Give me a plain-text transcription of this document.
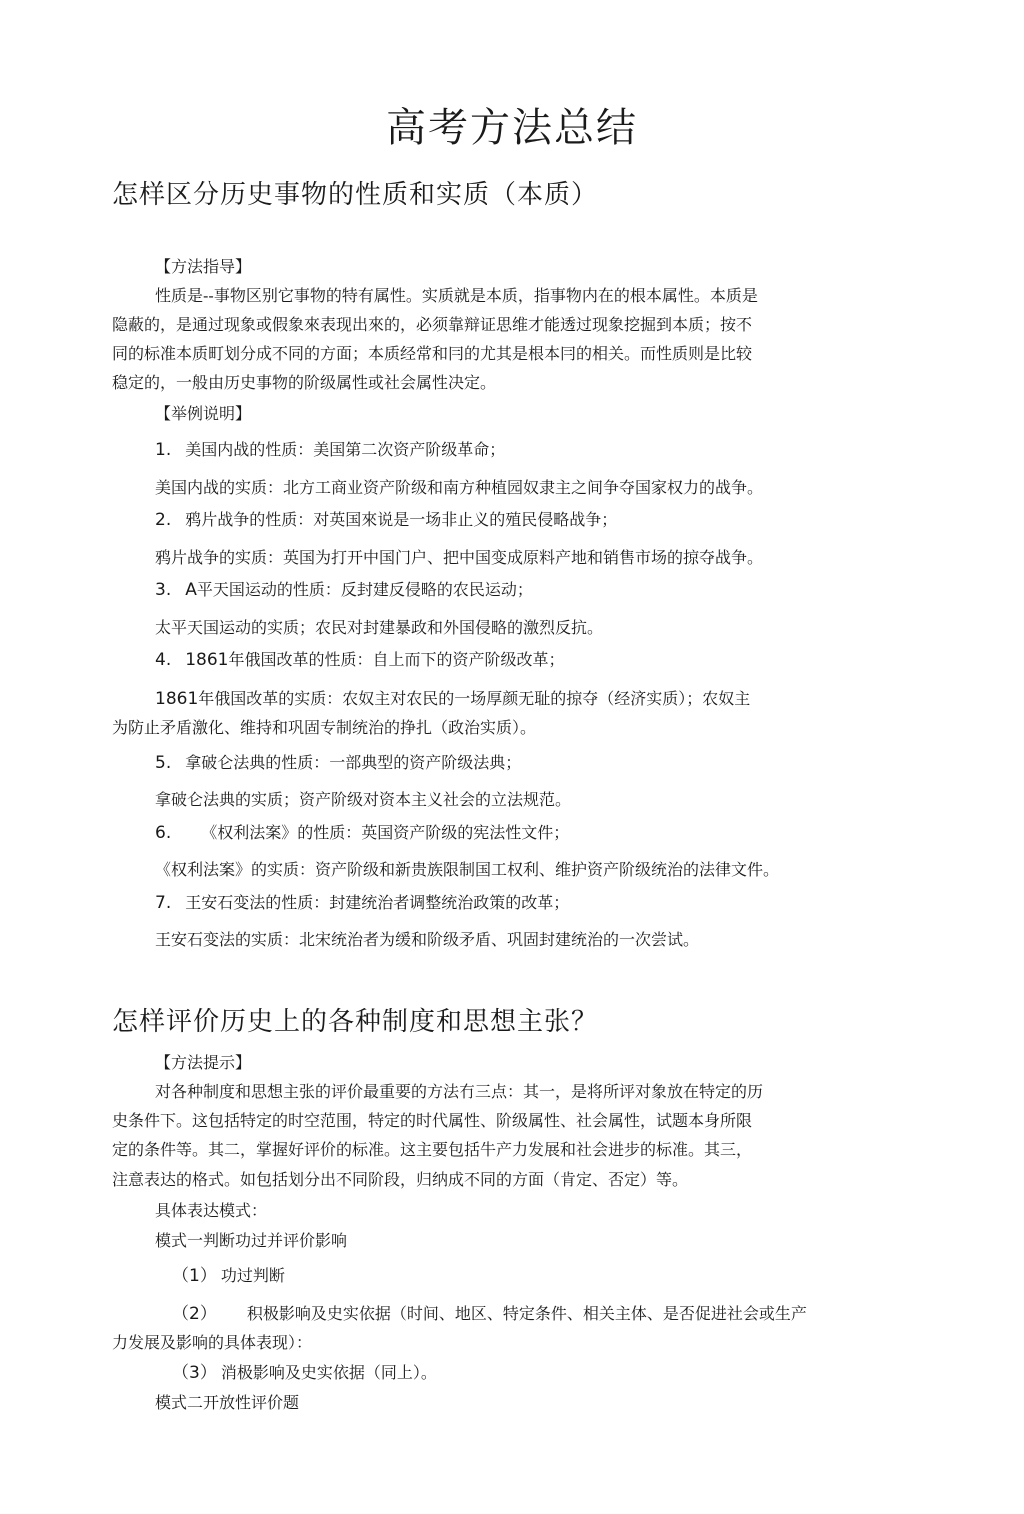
高考方法总结
怎样区分历史事物的性质和实质（本质）
【方法指导】
性质是--事物区别它事物的特有属性。实质就是本质，指事物内在的根本属性。本质是
隐蔽的，是通过现象或假象來表现出來的，必须靠辩证思维才能透过现象挖掘到本质；按不
同的标准本质町划分成不同的方面；本质经常和冃的尤其是根本冃的相关。而性质则是比较
稳定的，一般由历史事物的阶级属性或社会属性决定。
【举例说明】
1. 美国内战的性质：美国第二次资产阶级革命；
美国内战的实质：北方工商业资产阶级和南方种植园奴隶主之间争夺国家权力的战争。
2. 鸦片战争的性质：对英国來说是一场非止义的殖民侵略战争；
鸦片战争的实质：英国为打开中国门户、把中国变成原料产地和销售市场的掠夺战争。
3. A平天国运动的性质：反封建反侵略的农民运动；
太平天国运动的实质；农民对封建暴政和外国侵略的激烈反抗。
4. 1861年俄国改革的性质：自上而下的资产阶级改革；
1861年俄国改革的实质：农奴主对农民的一场厚颜无耻的掠夺（经济实质）；农奴主
为防止矛盾激化、维持和巩固专制统治的挣扎（政治实质）。
5. 拿破仑法典的性质：一部典型的资产阶级法典；
拿破仑法典的实质；资产阶级对资本主义社会的立法规范。
6. 《权利法案》的性质：英国资产阶级的宪法性文件；
《权利法案》的实质：资产阶级和新贵族限制国工权利、维护资产阶级统治的法律文件。
7. 王安石变法的性质：封建统治者调整统治政策的改革；
王安石变法的实质：北宋统治者为缓和阶级矛盾、巩固封建统治的一次尝试。
怎样评价历史上的各种制度和思想主张？
【方法提示】
对各种制度和思想主张的评价最重要的方法冇三点：其一，是将所评对象放在特定的历
史条件下。这包括特定的时空范围，特定的时代属性、阶级属性、社会属性，试题本身所限
定的条件等。其二，掌握好评价的标准。这主要包括牛产力发展和社会进步的标准。其三，
注意表达的格式。如包括划分出不同阶段，归纳成不同的方面（肯定、否定）等。
具体表达模式：
模式一判断功过并评价影响
（1） 功过判断
（2） 积极影响及史实依据（时间、地区、特定条件、相关主体、是否促进社会或生产
力发展及影响的具体表现）：
（3） 消极影响及史实依据（同上）。
模式二开放性评价题
